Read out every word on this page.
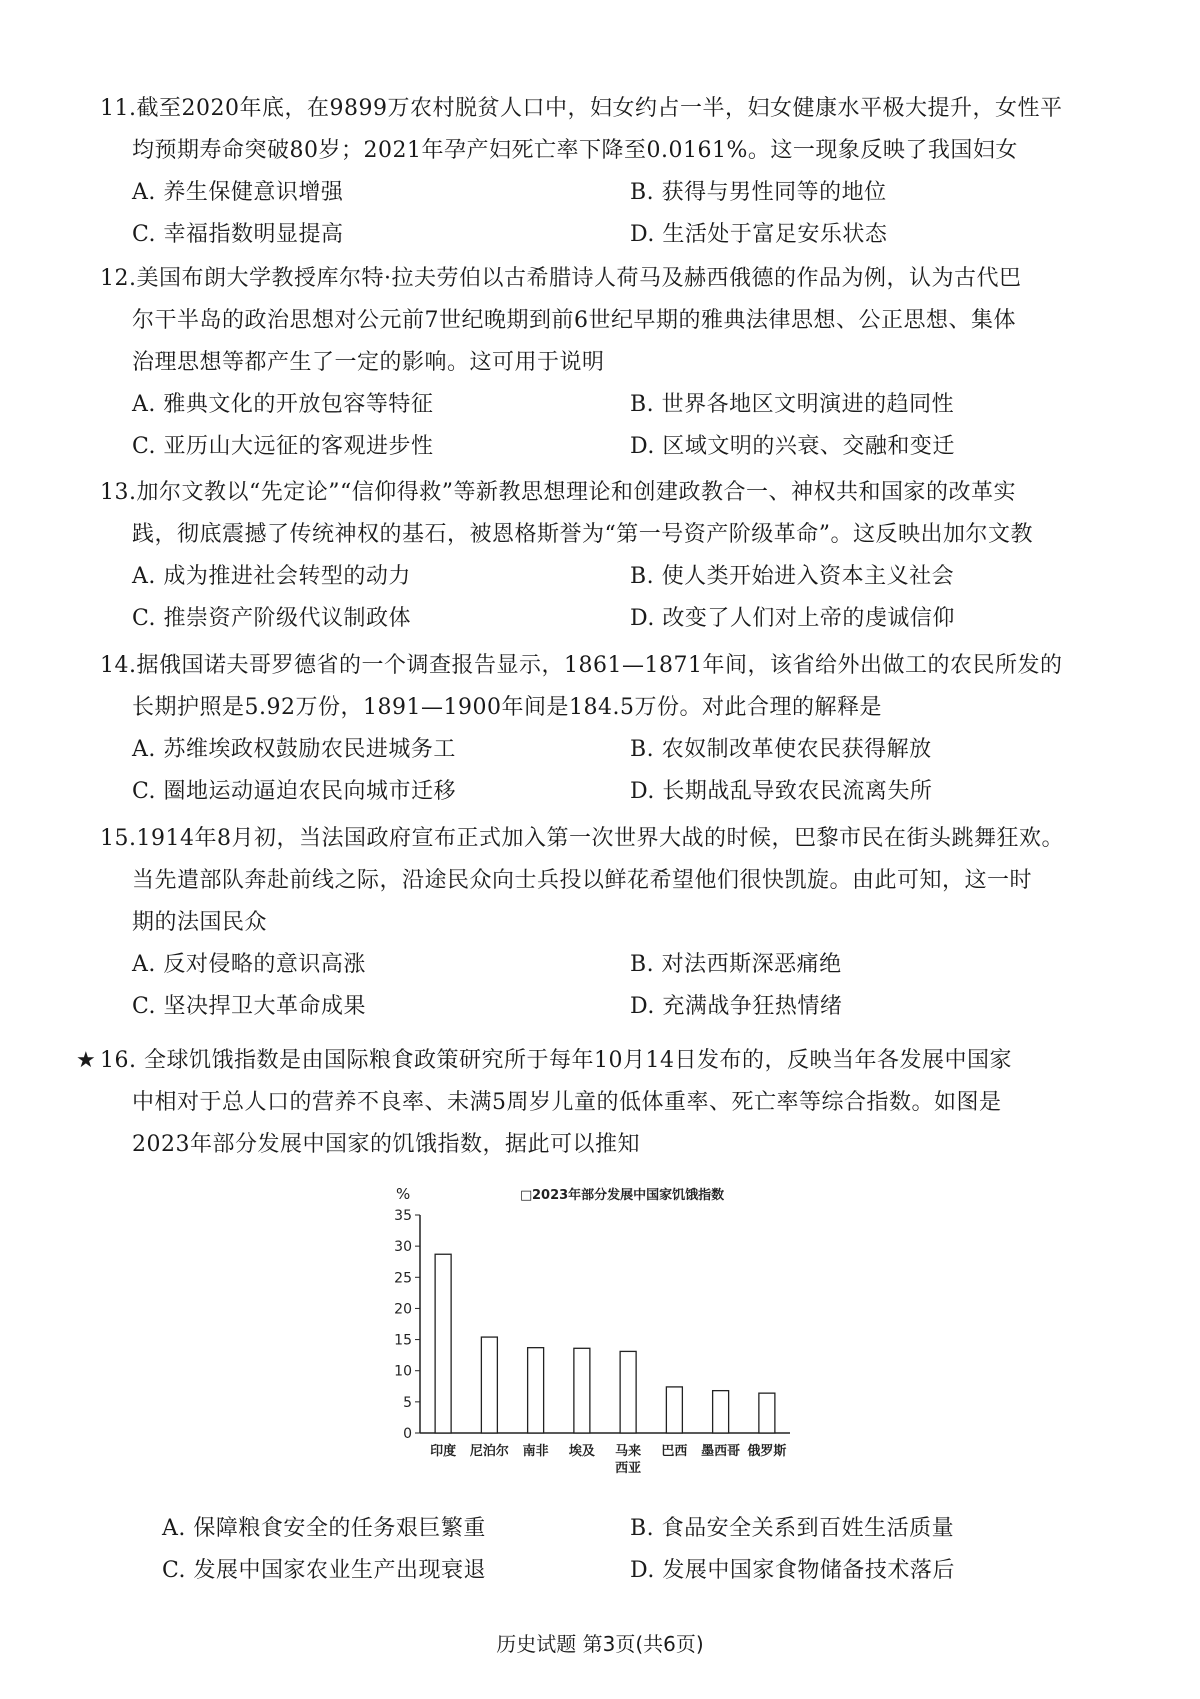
11.截至2020年底，在9899万农村脱贫人口中，妇女约占一半，妇女健康水平极大提升，女性平
均预期寿命突破80岁；2021年孕产妇死亡率下降至0.0161%。这一现象反映了我国妇女
A. 养生保健意识增强	B. 获得与男性同等的地位
C. 幸福指数明显提高	D. 生活处于富足安乐状态
12.美国布朗大学教授库尔特·拉夫劳伯以古希腊诗人荷马及赫西俄德的作品为例，认为古代巴
尔干半岛的政治思想对公元前7世纪晚期到前6世纪早期的雅典法律思想、公正思想、集体
治理思想等都产生了一定的影响。这可用于说明
A. 雅典文化的开放包容等特征	B. 世界各地区文明演进的趋同性
C. 亚历山大远征的客观进步性	D. 区域文明的兴衰、交融和变迁
13.加尔文教以“先定论”“信仰得救”等新教思想理论和创建政教合一、神权共和国家的改革实
践，彻底震撼了传统神权的基石，被恩格斯誉为“第一号资产阶级革命”。这反映出加尔文教
A. 成为推进社会转型的动力	B. 使人类开始进入资本主义社会
C. 推崇资产阶级代议制政体	D. 改变了人们对上帝的虔诚信仰
14.据俄国诺夫哥罗德省的一个调查报告显示，1861—1871年间，该省给外出做工的农民所发的
长期护照是5.92万份，1891—1900年间是184.5万份。对此合理的解释是
A. 苏维埃政权鼓励农民进城务工	B. 农奴制改革使农民获得解放
C. 圈地运动逼迫农民向城市迁移	D. 长期战乱导致农民流离失所
15.1914年8月初，当法国政府宣布正式加入第一次世界大战的时候，巴黎市民在街头跳舞狂欢。
当先遣部队奔赴前线之际，沿途民众向士兵投以鲜花希望他们很快凯旋。由此可知，这一时
期的法国民众
A. 反对侵略的意识高涨	B. 对法西斯深恶痛绝
C. 坚决捍卫大革命成果	D. 充满战争狂热情绪
★ 16. 全球饥饿指数是由国际粮食政策研究所于每年10月14日发布的，反映当年各发展中国家
中相对于总人口的营养不良率、未满5周岁儿童的低体重率、死亡率等综合指数。如图是
2023年部分发展中国家的饥饿指数，据此可以推知
%	□ 2023年部分发展中国家饥饿指数
0
5
10
15
20
25
30
35
印度 尼泊尔 南非 埃及 马来
西亚
巴西 墨西哥 俄罗斯
A. 保障粮食安全的任务艰巨繁重	B. 食品安全关系到百姓生活质量
C. 发展中国家农业生产出现衰退	D. 发展中国家食物储备技术落后
历史试题 第3页(共6页)
